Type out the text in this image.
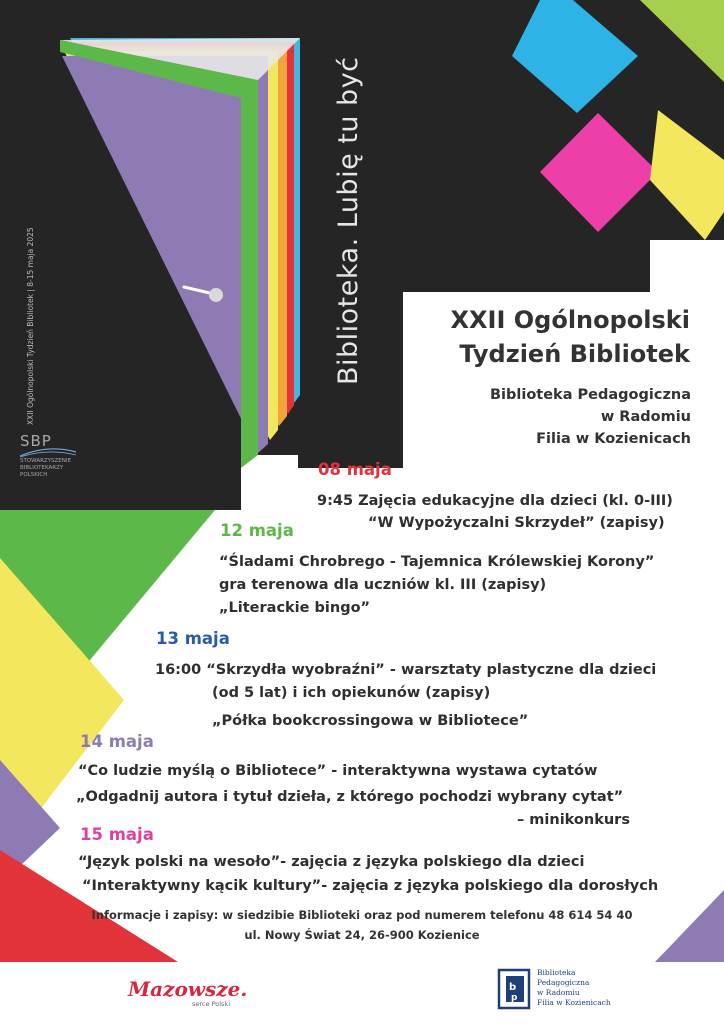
Biblioteka. Lubię tu być
XXII Ogólnopolski Tydzień Bibliotek | 8-15 maja 2025
SBP
STOWARZYSZENIE
BIBLIOTEKARZY
POLSKICH
XXII Ogólnopolski
Tydzień Bibliotek
Biblioteka Pedagogiczna
w Radomiu
Filia w Kozienicach
08 maja
9:45 Zajęcia edukacyjne dla dzieci (kl. 0-III)
“W Wypożyczalni Skrzydeł” (zapisy)
12 maja
“Śladami Chrobrego - Tajemnica Królewskiej Korony”
gra terenowa dla uczniów kl. III (zapisy)
„Literackie bingo”
13 maja
16:00 “Skrzydła wyobraźni” - warsztaty plastyczne dla dzieci
(od 5 lat) i ich opiekunów (zapisy)
„Półka bookcrossingowa w Bibliotece”
14 maja
“Co ludzie myślą o Bibliotece” - interaktywna wystawa cytatów
„Odgadnij autora i tytuł dzieła, z którego pochodzi wybrany cytat”
– minikonkurs
15 maja
“Język polski na wesoło”- zajęcia z języka polskiego dla dzieci
“Interaktywny kącik kultury”- zajęcia z języka polskiego dla dorosłych
Informacje i zapisy: w siedzibie Biblioteki oraz pod numerem telefonu 48 614 54 40
ul. Nowy Świat 24, 26-900 Kozienice
Mazowsze.
serce Polski
b
p
Biblioteka
Pedagogiczna
w Radomiu
Filia w Kozienicach
